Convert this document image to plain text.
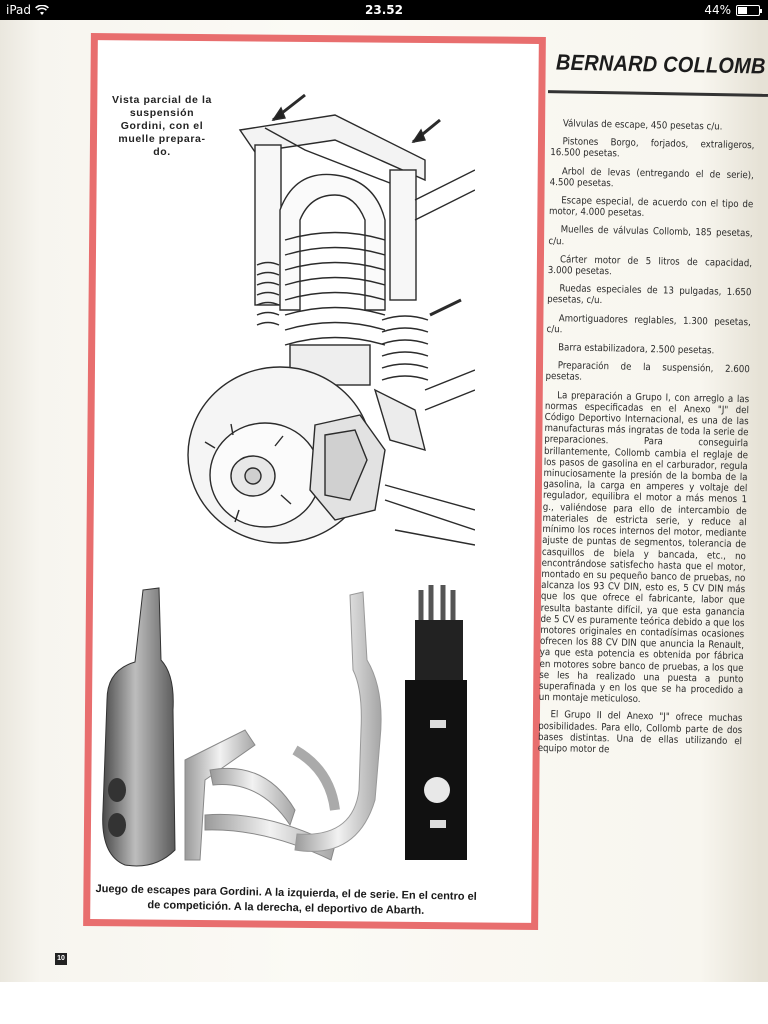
iPad	23.52	44%
Vista parcial de la suspensión Gordini, con el muelle prepara- do.
Juego de escapes para Gordini. A la izquierda, el de serie. En el centro el de competición. A la derecha, el deportivo de Abarth.
BERNARD COLLOMB

Válvulas de escape, 450 pesetas c/u.

Pistones Borgo, forjados, extraligeros, 16.500 pesetas.

Arbol de levas (entregando el de serie), 4.500 pesetas.

Escape especial, de acuerdo con el tipo de motor, 4.000 pesetas.

Muelles de válvulas Collomb, 185 pesetas, c/u.

Cárter motor de 5 litros de capacidad, 3.000 pesetas.

Ruedas especiales de 13 pulgadas, 1.650 pesetas, c/u.

Amortiguadores reglables, 1.300 pesetas, c/u.

Barra estabilizadora, 2.500 pesetas.

Preparación de la suspensión, 2.600 pesetas.

La preparación a Grupo I, con arreglo a las normas especificadas en el Anexo "J" del Código Deportivo Internacional, es una de las manufacturas más ingratas de toda la serie de preparaciones. Para conseguirla brillantemente, Collomb cambia el reglaje de los pasos de gasolina en el carburador, regula minuciosamente la presión de la bomba de la gasolina, la carga en amperes y voltaje del regulador, equilibra el motor a más menos 1 g., valiéndose para ello de intercambio de materiales de estricta serie, y reduce al mínimo los roces internos del motor, mediante ajuste de puntas de segmentos, tolerancia de casquillos de biela y bancada, etc., no encontrándose satisfecho hasta que el motor, montado en su pequeño banco de pruebas, no alcanza los 93 CV DIN, esto es, 5 CV DIN más que los que ofrece el fabricante, labor que resulta bastante difícil, ya que esta ganancia de 5 CV es puramente teórica debido a que los motores originales en contadísimas ocasiones ofrecen los 88 CV DIN que anuncia la Renault, ya que esta potencia es obtenida por fábrica en motores sobre banco de pruebas, a los que se les ha realizado una puesta a punto superafinada y en los que se ha procedido a un montaje meticuloso.

El Grupo II del Anexo "J" ofrece muchas posibilidades. Para ello, Collomb parte de dos bases distintas. Una de ellas utilizando el equipo motor de

10
